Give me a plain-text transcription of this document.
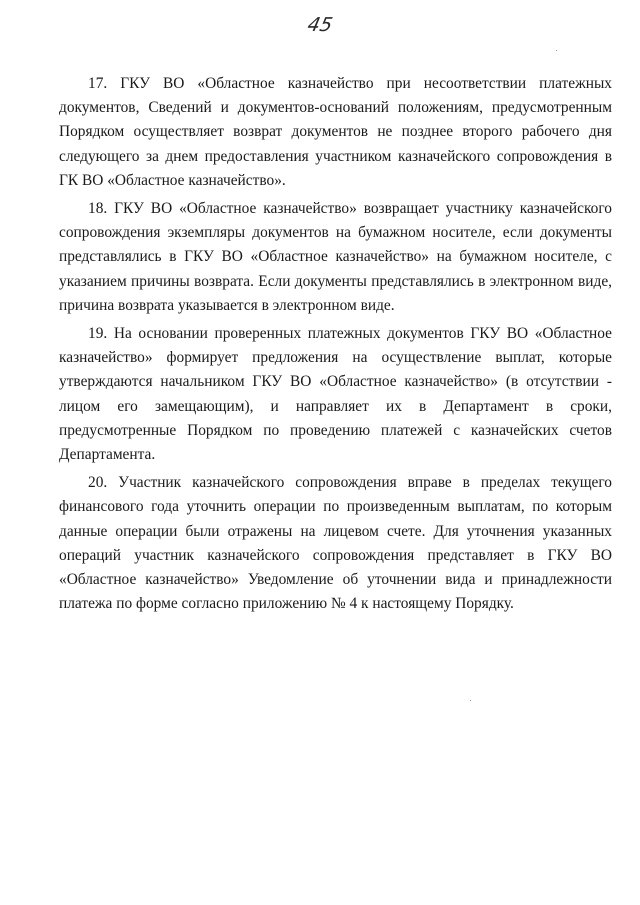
45

17. ГКУ ВО «Областное казначейство при несоответствии платежных документов, Сведений и документов-оснований положениям, предусмотренным Порядком осуществляет возврат документов не позднее второго рабочего дня следующего за днем предоставления участником казначейского сопровождения в ГК ВО «Областное казначейство».

18. ГКУ ВО «Областное казначейство» возвращает участнику казначейского сопровождения экземпляры документов на бумажном носителе, если документы представлялись в ГКУ ВО «Областное казначейство» на бумажном носителе, с указанием причины возврата. Если документы представлялись в электронном виде, причина возврата указывается в электронном виде.

19. На основании проверенных платежных документов ГКУ ВО «Областное казначейство» формирует предложения на осуществление выплат, которые утверждаются начальником ГКУ ВО «Областное казначейство» (в отсутствии - лицом его замещающим), и направляет их в Департамент в сроки, предусмотренные Порядком по проведению платежей с казначейских счетов Департамента.

20. Участник казначейского сопровождения вправе в пределах текущего финансового года уточнить операции по произведенным выплатам, по которым данные операции были отражены на лицевом счете. Для уточнения указанных операций участник казначейского сопровождения представляет в ГКУ ВО «Областное казначейство» Уведомление об уточнении вида и принадлежности платежа по форме согласно приложению № 4 к настоящему Порядку.
